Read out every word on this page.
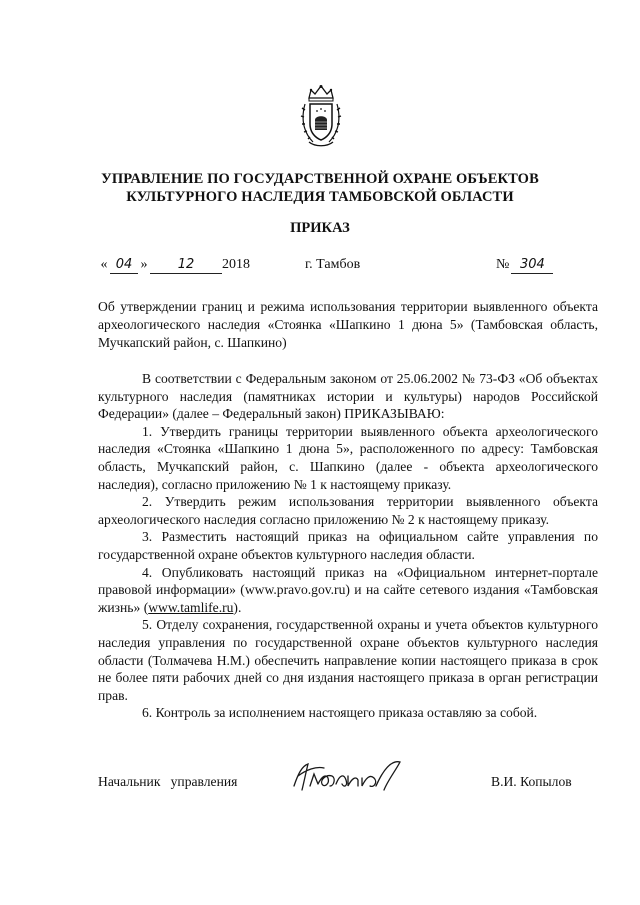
УПРАВЛЕНИЕ ПО ГОСУДАРСТВЕННОЙ ОХРАНЕ ОБЪЕКТОВ
КУЛЬТУРНОГО НАСЛЕДИЯ ТАМБОВСКОЙ ОБЛАСТИ
ПРИКАЗ
« 04 » 12 2018	г. Тамбов	№ 304
Об утверждении границ и режима использования территории выявленного объекта археологического наследия «Стоянка «Шапкино 1 дюна 5» (Тамбовская область, Мучкапский район, с. Шапкино)

В соответствии с Федеральным законом от 25.06.2002 № 73-ФЗ «Об объектах культурного наследия (памятниках истории и культуры) народов Российской Федерации» (далее – Федеральный закон) ПРИКАЗЫВАЮ:

1. Утвердить границы территории выявленного объекта археологического наследия «Стоянка «Шапкино 1 дюна 5», расположенного по адресу: Тамбовская область, Мучкапский район, с. Шапкино (далее - объекта археологического наследия), согласно приложению № 1 к настоящему приказу.

2. Утвердить режим использования территории выявленного объекта археологического наследия согласно приложению № 2 к настоящему приказу.

3. Разместить настоящий приказ на официальном сайте управления по государственной охране объектов культурного наследия области.

4. Опубликовать настоящий приказ на «Официальном интернет-портале правовой информации» (www.pravo.gov.ru) и на сайте сетевого издания «Тамбовская жизнь» (www.tamlife.ru).

5. Отделу сохранения, государственной охраны и учета объектов культурного наследия управления по государственной охране объектов культурного наследия области (Толмачева Н.М.) обеспечить направление копии настоящего приказа в срок не более пяти рабочих дней со дня издания настоящего приказа в орган регистрации прав.

6. Контроль за исполнением настоящего приказа оставляю за собой.

Начальник   управления	В.И. Копылов
